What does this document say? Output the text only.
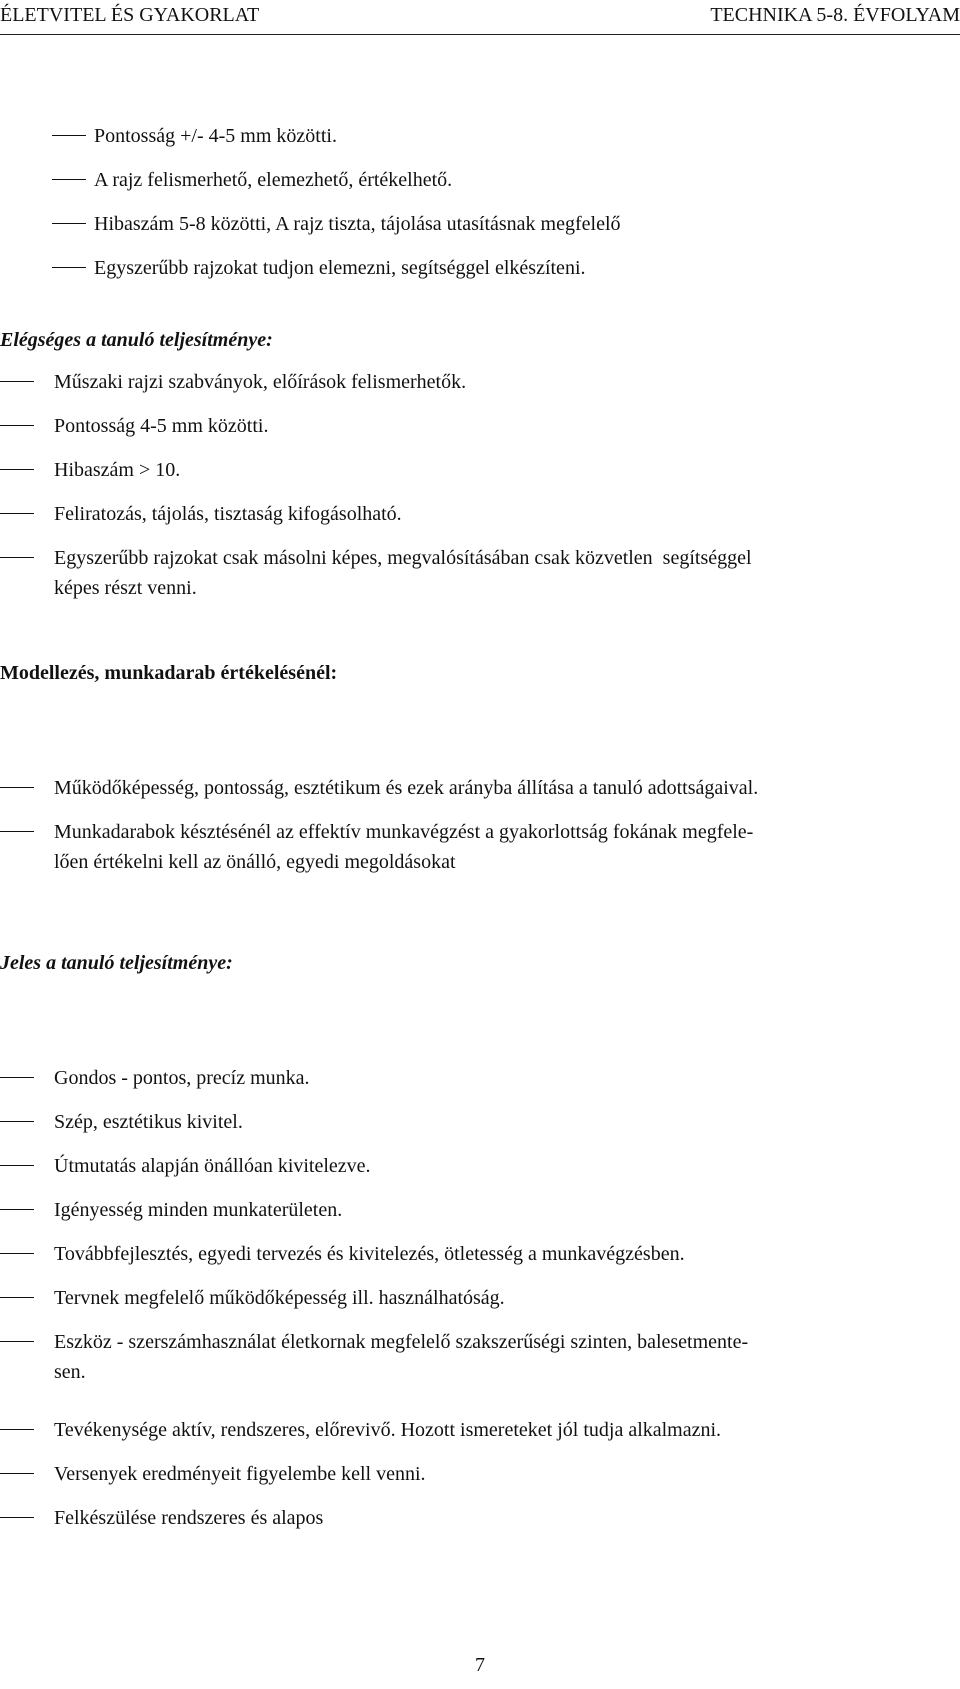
ÉLETVITEL ÉS GYAKORLAT	TECHNIKA 5-8. ÉVFOLYAM
Pontosság +/- 4-5 mm közötti.
A rajz felismerhető, elemezhető, értékelhető.
Hibaszám 5-8 közötti, A rajz tiszta, tájolása utasításnak megfelelő
Egyszerűbb rajzokat tudjon elemezni, segítséggel elkészíteni.
Elégséges a tanuló teljesítménye:
Műszaki rajzi szabványok, előírások felismerhetők.
Pontosság 4-5 mm közötti.
Hibaszám > 10.
Feliratozás, tájolás, tisztaság kifogásolható.
Egyszerűbb rajzokat csak másolni képes, megvalósításában csak közvetlen  segítséggel
képes részt venni.
Modellezés, munkadarab értékelésénél:
Működőképesség, pontosság, esztétikum és ezek arányba állítása a tanuló adottságaival.
Munkadarabok késztésénél az effektív munkavégzést a gyakorlottság fokának megfele-
lően értékelni kell az önálló, egyedi megoldásokat
Jeles a tanuló teljesítménye:
Gondos - pontos, precíz munka.
Szép, esztétikus kivitel.
Útmutatás alapján önállóan kivitelezve.
Igényesség minden munkaterületen.
Továbbfejlesztés, egyedi tervezés és kivitelezés, ötletesség a munkavégzésben.
Tervnek megfelelő működőképesség ill. használhatóság.
Eszköz - szerszámhasználat életkornak megfelelő szakszerűségi szinten, balesetmente-
sen.
Tevékenysége aktív, rendszeres, előrevivő. Hozott ismereteket jól tudja alkalmazni.
Versenyek eredményeit figyelembe kell venni.
Felkészülése rendszeres és alapos
7
